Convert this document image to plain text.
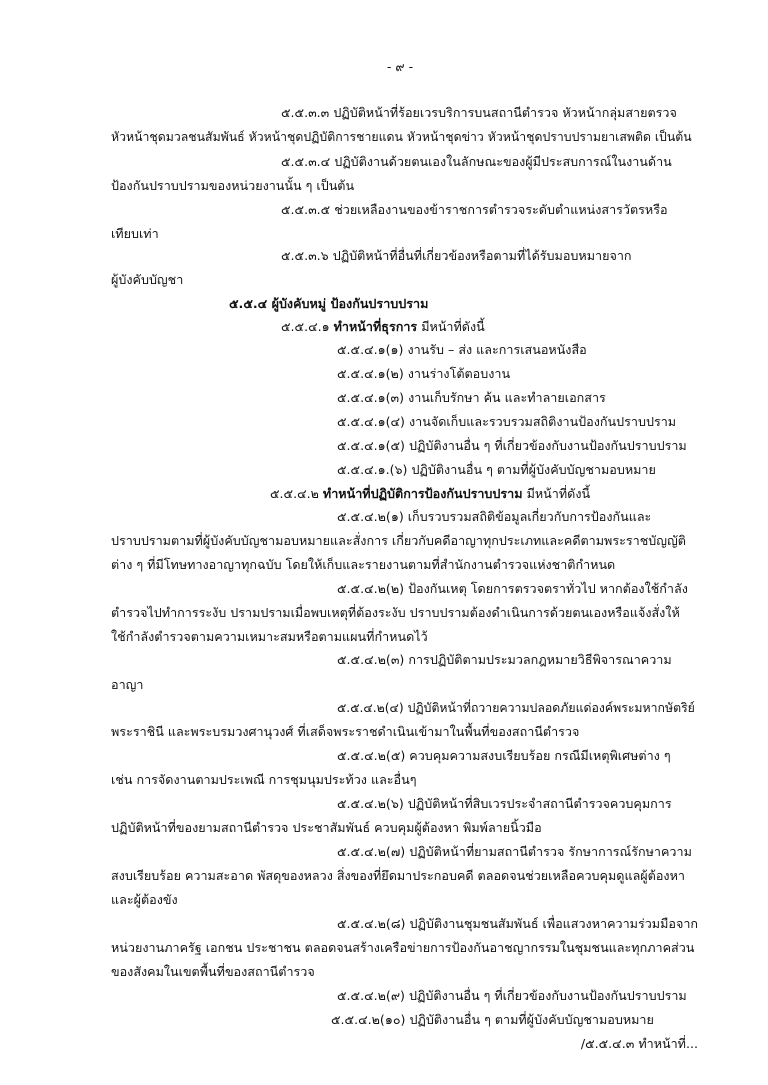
- ๙ -
๕.๕.๓.๓ ปฏิบัติหน้าที่ร้อยเวรบริการบนสถานีตำรวจ หัวหน้ากลุ่มสายตรวจ
หัวหน้าชุดมวลชนสัมพันธ์ หัวหน้าชุดปฏิบัติการชายแดน หัวหน้าชุดข่าว หัวหน้าชุดปราบปรามยาเสพติด เป็นต้น
๕.๕.๓.๔ ปฏิบัติงานด้วยตนเองในลักษณะของผู้มีประสบการณ์ในงานด้าน
ป้องกันปราบปรามของหน่วยงานนั้น ๆ เป็นต้น
๕.๕.๓.๕ ช่วยเหลืองานของข้าราชการตำรวจระดับตำแหน่งสารวัตรหรือ
เทียบเท่า
๕.๕.๓.๖ ปฏิบัติหน้าที่อื่นที่เกี่ยวข้องหรือตามที่ได้รับมอบหมายจาก
ผู้บังคับบัญชา
๕.๕.๔ ผู้บังคับหมู่ ป้องกันปราบปราม
๕.๕.๔.๑ ทำหน้าที่ธุรการ มีหน้าที่ดังนี้
๕.๕.๔.๑(๑) งานรับ – ส่ง และการเสนอหนังสือ
๕.๕.๔.๑(๒) งานร่างโต้ตอบงาน
๕.๕.๔.๑(๓) งานเก็บรักษา ค้น และทำลายเอกสาร
๕.๕.๔.๑(๔) งานจัดเก็บและรวบรวมสถิติงานป้องกันปราบปราม
๕.๕.๔.๑(๕) ปฏิบัติงานอื่น ๆ ที่เกี่ยวข้องกับงานป้องกันปราบปราม
๕.๕.๔.๑.(๖) ปฏิบัติงานอื่น ๆ ตามที่ผู้บังคับบัญชามอบหมาย
๕.๕.๔.๒ ทำหน้าที่ปฏิบัติการป้องกันปราบปราม มีหน้าที่ดังนี้
๕.๕.๔.๒(๑) เก็บรวบรวมสถิติข้อมูลเกี่ยวกับการป้องกันและ
ปราบปรามตามที่ผู้บังคับบัญชามอบหมายและสั่งการ เกี่ยวกับคดีอาญาทุกประเภทและคดีตามพระราชบัญญัติ
ต่าง ๆ ที่มีโทษทางอาญาทุกฉบับ โดยให้เก็บและรายงานตามที่สำนักงานตำรวจแห่งชาติกำหนด
๕.๕.๔.๒(๒) ป้องกันเหตุ โดยการตรวจตราทั่วไป หากต้องใช้กำลัง
ตำรวจไปทำการระงับ ปรามปรามเมื่อพบเหตุที่ต้องระงับ ปราบปรามต้องดำเนินการด้วยตนเองหรือแจ้งสั่งให้
ใช้กำลังตำรวจตามความเหมาะสมหรือตามแผนที่กำหนดไว้
๕.๕.๔.๒(๓) การปฏิบัติตามประมวลกฎหมายวิธีพิจารณาความ
อาญา
๕.๕.๔.๒(๔) ปฏิบัติหน้าที่ถวายความปลอดภัยแด่องค์พระมหากษัตริย์
พระราชินี และพระบรมวงศานุวงศ์ ที่เสด็จพระราชดำเนินเข้ามาในพื้นที่ของสถานีตำรวจ
๕.๕.๔.๒(๕) ควบคุมความสงบเรียบร้อย กรณีมีเหตุพิเศษต่าง ๆ
เช่น การจัดงานตามประเพณี การชุมนุมประท้วง และอื่นๆ
๕.๕.๔.๒(๖) ปฏิบัติหน้าที่สิบเวรประจำสถานีตำรวจควบคุมการ
ปฏิบัติหน้าที่ของยามสถานีตำรวจ ประชาสัมพันธ์ ควบคุมผู้ต้องหา พิมพ์ลายนิ้วมือ
๕.๕.๔.๒(๗) ปฏิบัติหน้าที่ยามสถานีตำรวจ รักษาการณ์รักษาความ
สงบเรียบร้อย ความสะอาด พัสดุของหลวง สิ่งของที่ยึดมาประกอบคดี ตลอดจนช่วยเหลือควบคุมดูแลผู้ต้องหา
และผู้ต้องขัง
๕.๕.๔.๒(๘) ปฏิบัติงานชุมชนสัมพันธ์ เพื่อแสวงหาความร่วมมือจาก
หน่วยงานภาครัฐ เอกชน ประชาชน ตลอดจนสร้างเครือข่ายการป้องกันอาชญากรรมในชุมชนและทุกภาคส่วน
ของสังคมในเขตพื้นที่ของสถานีตำรวจ
๕.๕.๔.๒(๙) ปฏิบัติงานอื่น ๆ ที่เกี่ยวข้องกับงานป้องกันปราบปราม
๕.๕.๔.๒(๑๐) ปฏิบัติงานอื่น ๆ ตามที่ผู้บังคับบัญชามอบหมาย
/๕.๕.๔.๓ ทำหน้าที่...
